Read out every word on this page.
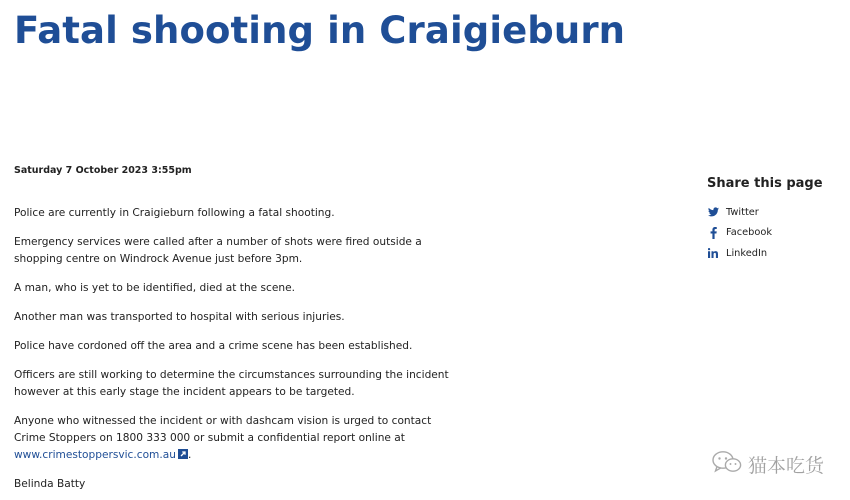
Fatal shooting in Craigieburn
Saturday 7 October 2023 3:55pm

Police are currently in Craigieburn following a fatal shooting.

Emergency services were called after a number of shots were fired outside a shopping centre on Windrock Avenue just before 3pm.

A man, who is yet to be identified, died at the scene.

Another man was transported to hospital with serious injuries.

Police have cordoned off the area and a crime scene has been established.

Officers are still working to determine the circumstances surrounding the incident however at this early stage the incident appears to be targeted.

Anyone who witnessed the incident or with dashcam vision is urged to contact Crime Stoppers on 1800 333 000 or submit a confidential report online at www.crimestoppersvic.com.au .

Belinda Batty

Share this page
Twitter
Facebook
LinkedIn
猫本吃货
